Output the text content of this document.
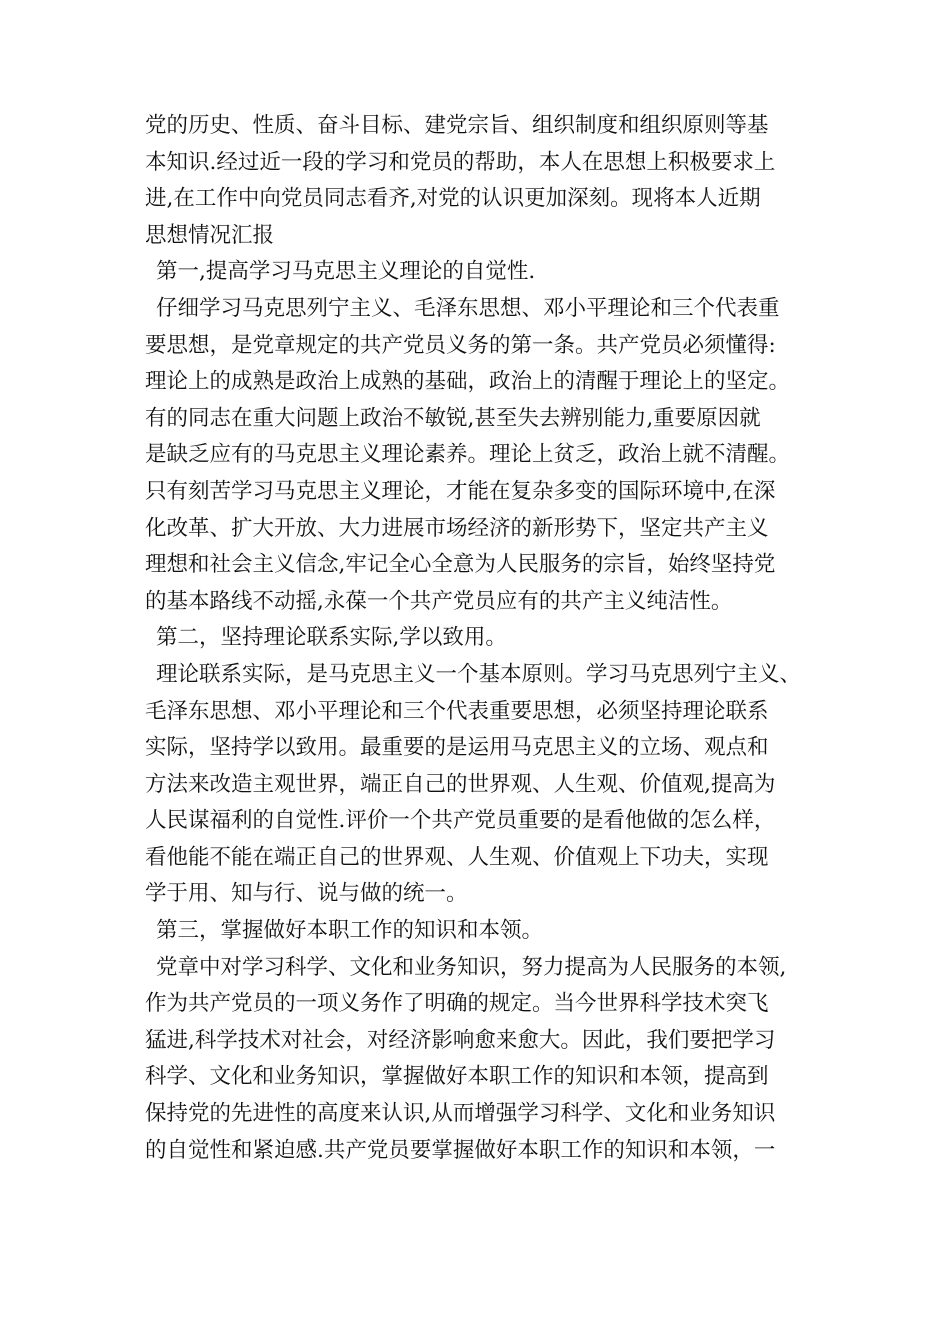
党的历史、性质、奋斗目标、建党宗旨、组织制度和组织原则等基
本知识.经过近一段的学习和党员的帮助，本人在思想上积极要求上
进,在工作中向党员同志看齐,对党的认识更加深刻。现将本人近期
思想情况汇报
第一,提高学习马克思主义理论的自觉性.
仔细学习马克思列宁主义、毛泽东思想、邓小平理论和三个代表重
要思想，是党章规定的共产党员义务的第一条。共产党员必须懂得:
理论上的成熟是政治上成熟的基础，政治上的清醒于理论上的坚定。
有的同志在重大问题上政治不敏锐,甚至失去辨别能力,重要原因就
是缺乏应有的马克思主义理论素养。理论上贫乏，政治上就不清醒。
只有刻苦学习马克思主义理论，才能在复杂多变的国际环境中,在深
化改革、扩大开放、大力进展市场经济的新形势下，坚定共产主义
理想和社会主义信念,牢记全心全意为人民服务的宗旨，始终坚持党
的基本路线不动摇,永葆一个共产党员应有的共产主义纯洁性。
第二，坚持理论联系实际,学以致用。
理论联系实际，是马克思主义一个基本原则。学习马克思列宁主义、
毛泽东思想、邓小平理论和三个代表重要思想，必须坚持理论联系
实际，坚持学以致用。最重要的是运用马克思主义的立场、观点和
方法来改造主观世界，端正自己的世界观、人生观、价值观,提高为
人民谋福利的自觉性.评价一个共产党员重要的是看他做的怎么样，
看他能不能在端正自己的世界观、人生观、价值观上下功夫，实现
学于用、知与行、说与做的统一。
第三，掌握做好本职工作的知识和本领。
党章中对学习科学、文化和业务知识，努力提高为人民服务的本领,
作为共产党员的一项义务作了明确的规定。当今世界科学技术突飞
猛进,科学技术对社会，对经济影响愈来愈大。因此，我们要把学习
科学、文化和业务知识，掌握做好本职工作的知识和本领，提高到
保持党的先进性的高度来认识,从而增强学习科学、文化和业务知识
的自觉性和紧迫感.共产党员要掌握做好本职工作的知识和本领，一
